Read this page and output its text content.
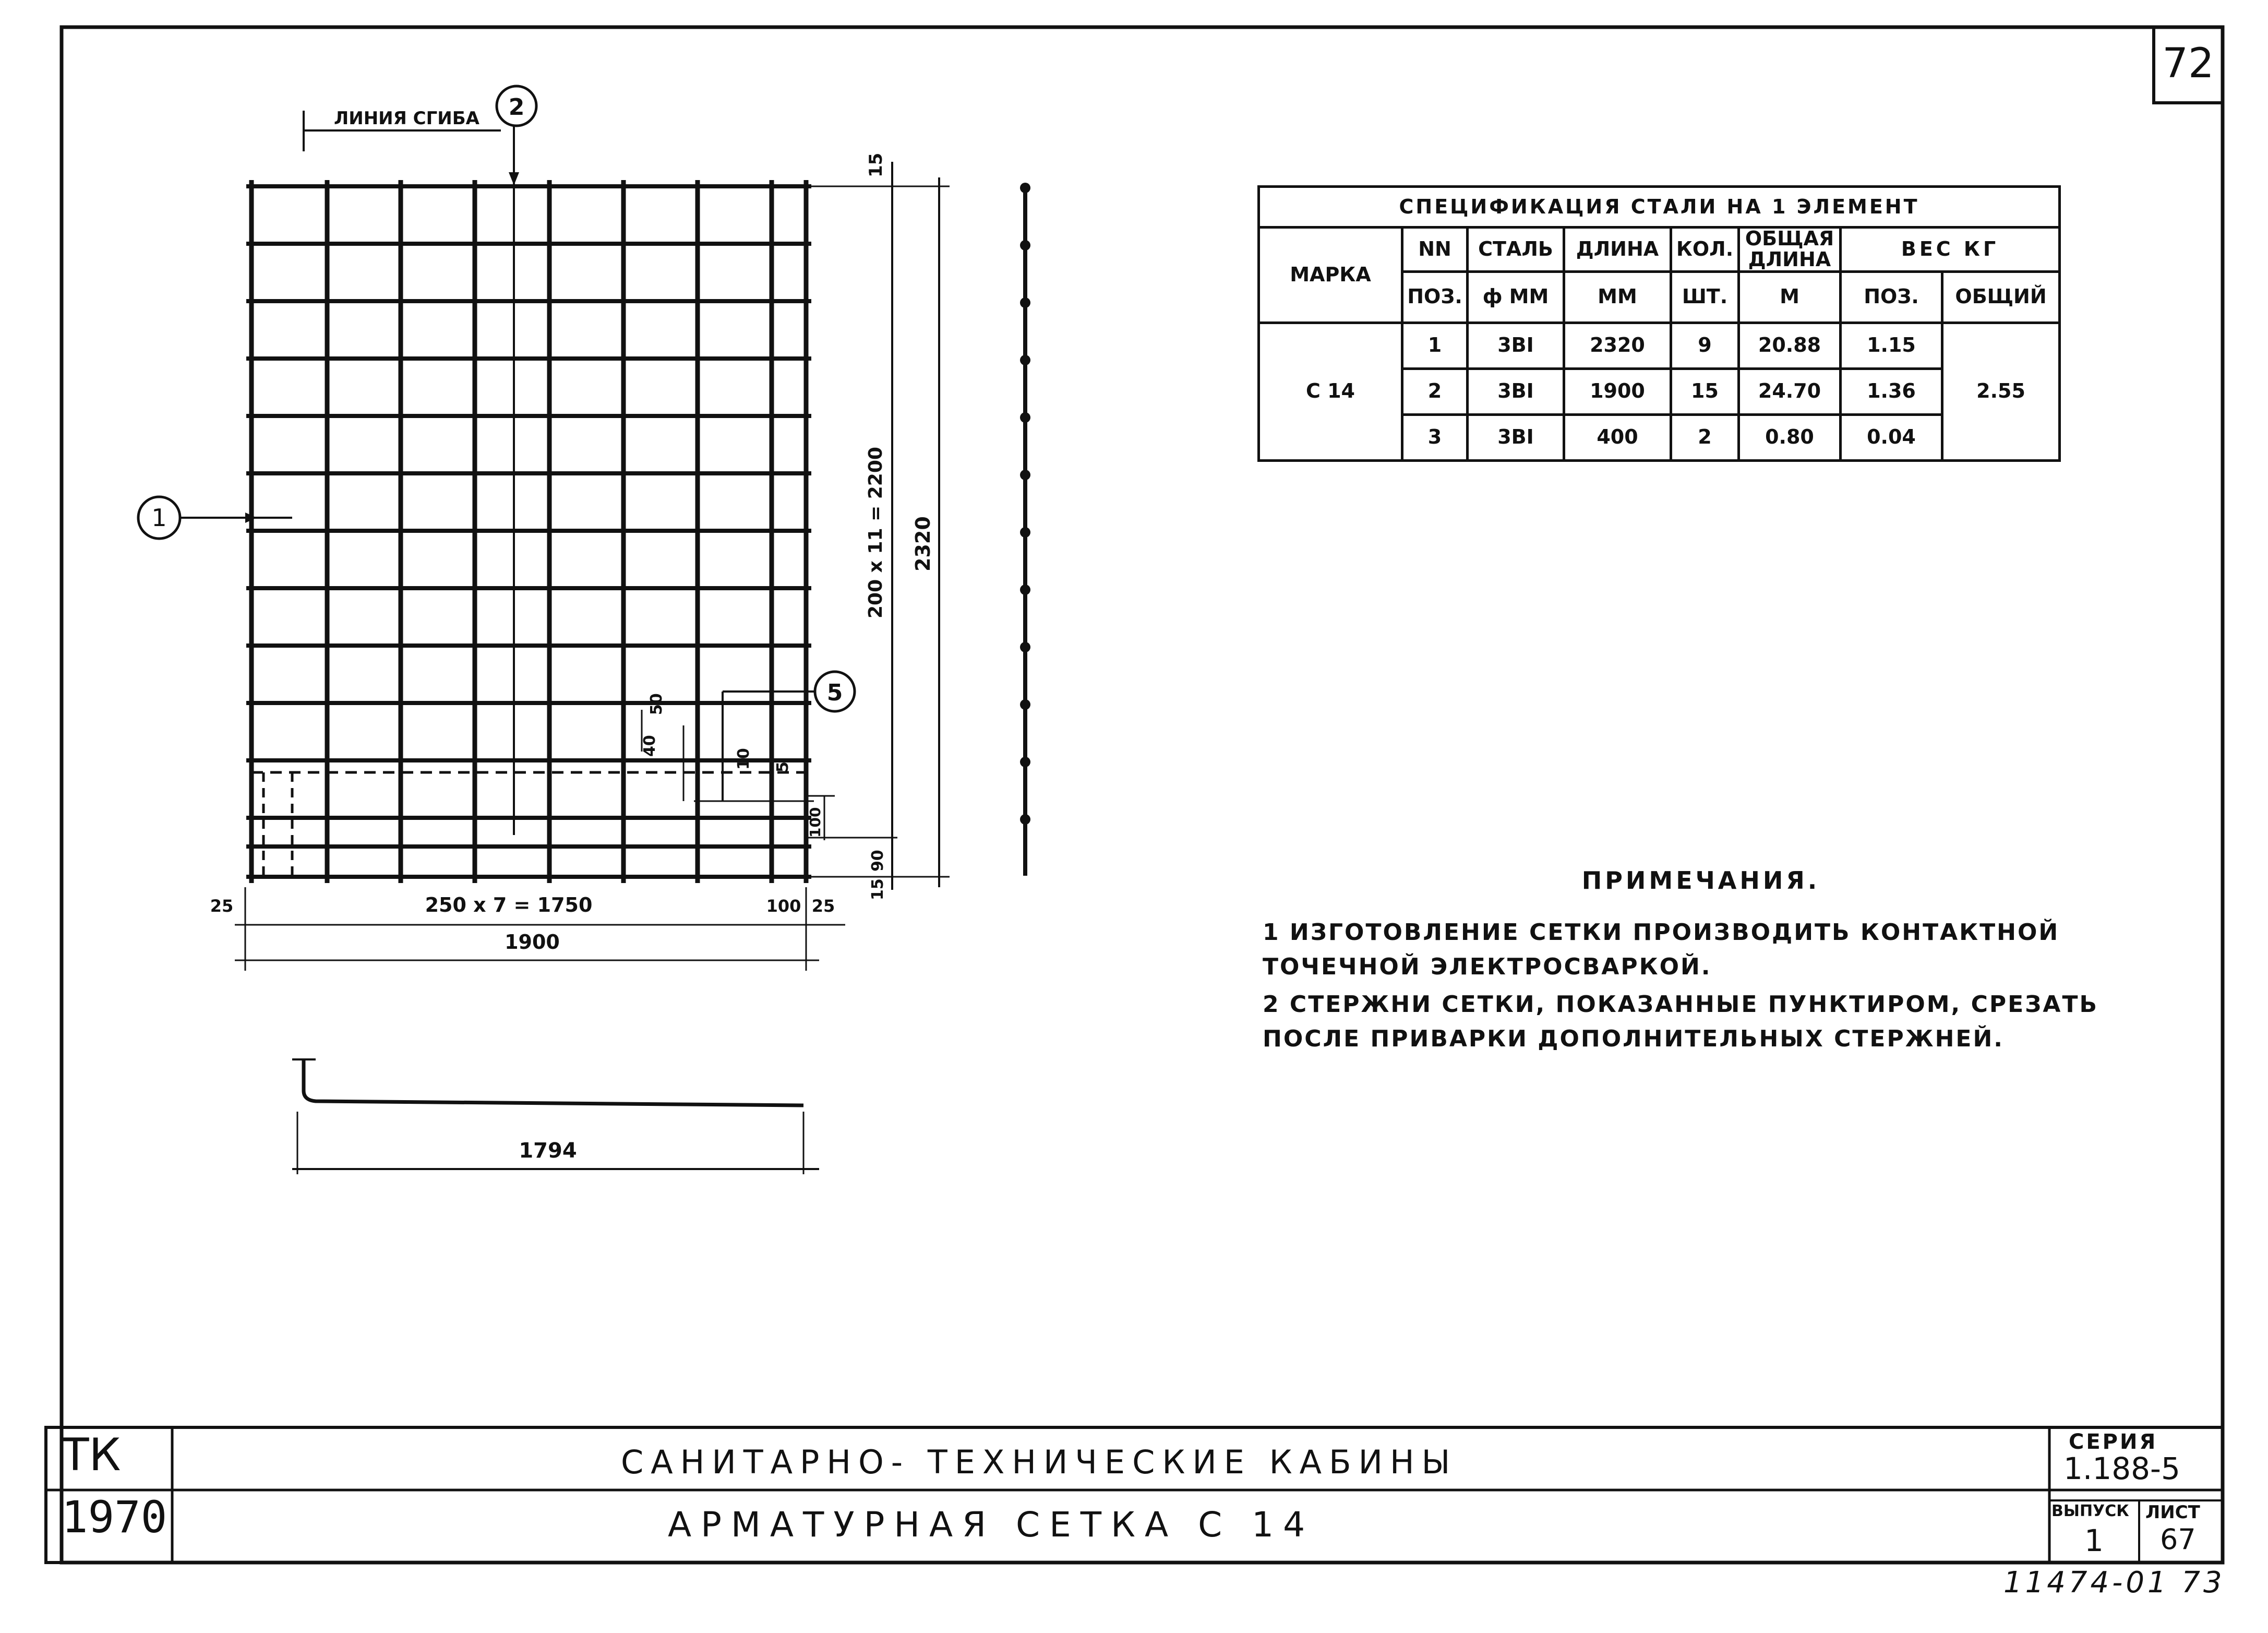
72
1794
ЛИНИЯ СГИБА 2
1
5
40
50
10 5
15
200 x 11 = 2200 2320
100
90
15
25	250 x 7 = 1750	100 25
1900
СПЕЦИФИКАЦИЯ СТАЛИ НА 1 ЭЛЕМЕНТ							
МАРКА	NN	СТАЛЬ	ДЛИНА	КОЛ.	ОБЩАЯ ДЛИНА	ВЕС КГ	
	ПОЗ.	ф ММ	ММ	ШТ.	М	ПОЗ.	ОБЩИЙ
С 14	1	3BI	2320	9	20.88	1.15	2.55
	2	3BI	1900	15	24.70	1.36	
	3	3BI	400	2	0.80	0.04	
ПРИМЕЧАНИЯ.
1 ИЗГОТОВЛЕНИЕ СЕТКИ ПРОИЗВОДИТЬ КОНТАКТНОЙ ТОЧЕЧНОЙ ЭЛЕКТРОСВАРКОЙ.
2 СТЕРЖНИ СЕТКИ, ПОКАЗАННЫЕ ПУНКТИРОМ, СРЕЗАТЬ ПОСЛЕ ПРИВАРКИ ДОПОЛНИТЕЛЬНЫХ СТЕРЖНЕЙ.
ТК
1970
САНИТАРНО- ТЕХНИЧЕСКИЕ КАБИНЫ
АРМАТУРНАЯ СЕТКА С 14
СЕРИЯ
1.188-5
ВЫПУСК
1
ЛИСТ
67
11474-01 73
